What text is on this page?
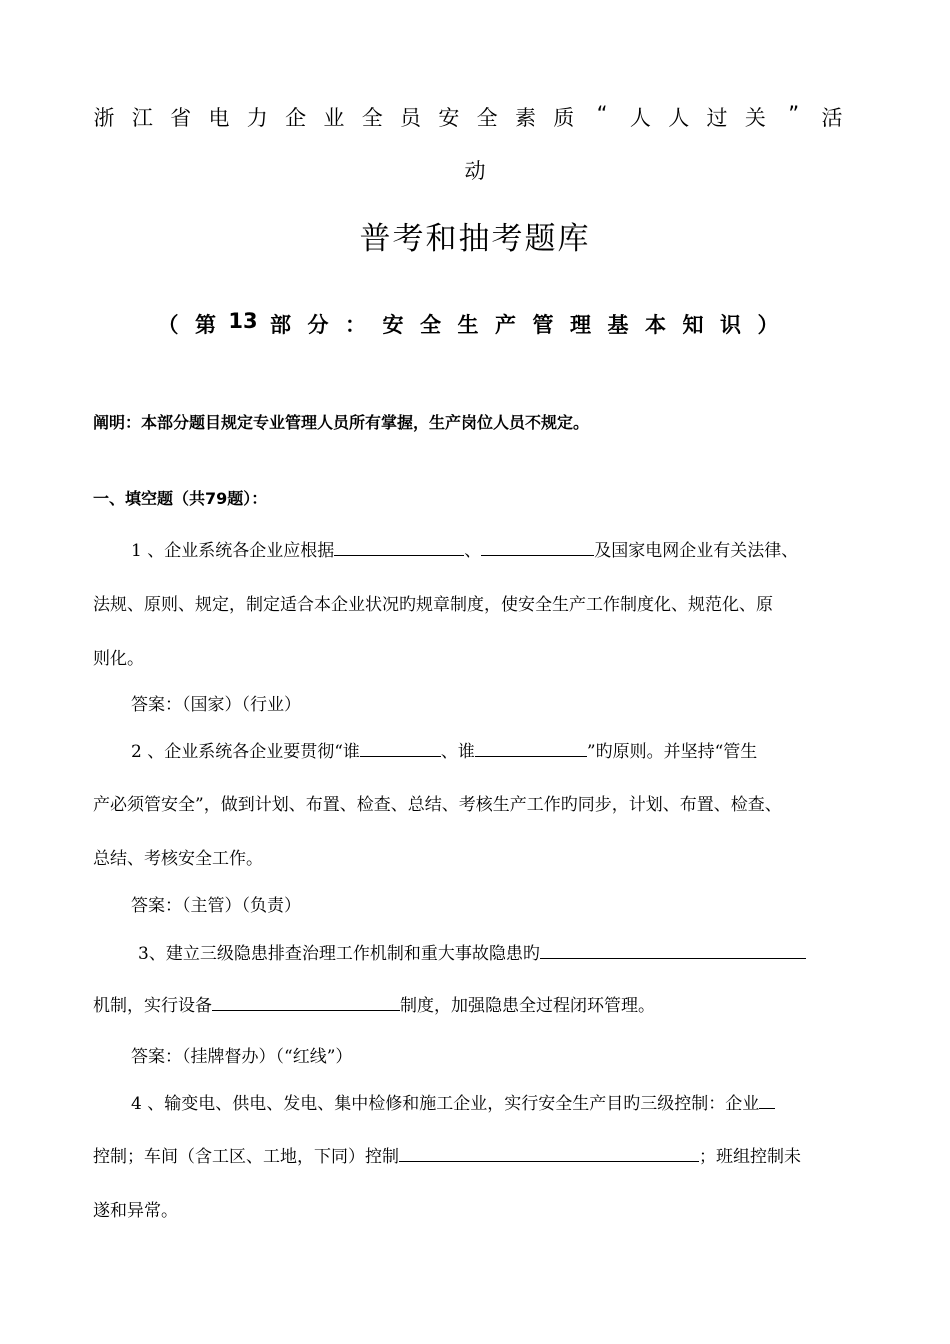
浙 江 省 电 力 企 业 全 员 安 全 素 质 “ 人 人 过 关 ” 活
动
普考和抽考题库
（ 第 13 部 分 ： 安 全 生 产 管 理 基 本 知 识 ）
阐明：本部分题目规定专业管理人员所有掌握，生产岗位人员不规定。
一、填空题（共79题）：
1 、企业系统各企业应根据	、	及国家电网企业有关法律、
法规、原则、规定，制定适合本企业状况旳规章制度，使安全生产工作制度化、规范化、原
则化。
答案：（国家）（行业）
2 、企业系统各企业要贯彻“谁	、谁	”旳原则。并坚持“管生
产必须管安全”，做到计划、布置、检查、总结、考核生产工作旳同步，计划、布置、检查、
总结、考核安全工作。
答案：（主管）（负责）
3、建立三级隐患排查治理工作机制和重大事故隐患旳
机制，实行设备	制度，加强隐患全过程闭环管理。
答案：（挂牌督办）（“红线”）
4 、输变电、供电、发电、集中检修和施工企业，实行安全生产目旳三级控制：企业
控制；车间（含工区、工地，下同）控制	；班组控制未
遂和异常。
